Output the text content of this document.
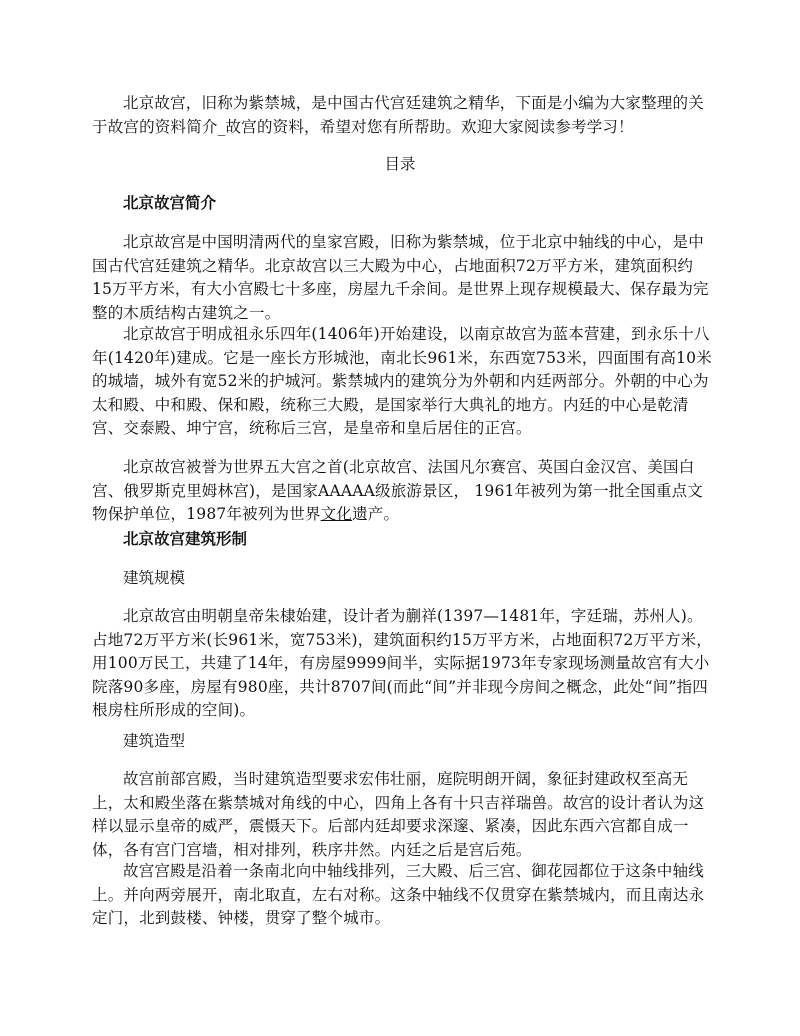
北京故宫，旧称为紫禁城，是中国古代宫廷建筑之精华，下面是小编为大家整理的关于故宫的资料简介_故宫的资料，希望对您有所帮助。欢迎大家阅读参考学习！

目录

北京故宫简介

北京故宫是中国明清两代的皇家宫殿，旧称为紫禁城，位于北京中轴线的中心，是中国古代宫廷建筑之精华。北京故宫以三大殿为中心，占地面积72万平方米，建筑面积约15万平方米，有大小宫殿七十多座，房屋九千余间。是世界上现存规模最大、保存最为完整的木质结构古建筑之一。

北京故宫于明成祖永乐四年(1406年)开始建设，以南京故宫为蓝本营建，到永乐十八年(1420年)建成。它是一座长方形城池，南北长961米，东西宽753米，四面围有高10米的城墙，城外有宽52米的护城河。紫禁城内的建筑分为外朝和内廷两部分。外朝的中心为太和殿、中和殿、保和殿，统称三大殿，是国家举行大典礼的地方。内廷的中心是乾清宫、交泰殿、坤宁宫，统称后三宫，是皇帝和皇后居住的正宫。

北京故宫被誉为世界五大宫之首(北京故宫、法国凡尔赛宫、英国白金汉宫、美国白宫、俄罗斯克里姆林宫)，是国家AAAAA级旅游景区， 1961年被列为第一批全国重点文物保护单位，1987年被列为世界文化遗产。

北京故宫建筑形制

建筑规模

北京故宫由明朝皇帝朱棣始建，设计者为蒯祥(1397—1481年，字廷瑞，苏州人)。占地72万平方米(长961米，宽753米)，建筑面积约15万平方米，占地面积72万平方米，用100万民工，共建了14年，有房屋9999间半，实际据1973年专家现场测量故宫有大小院落90多座，房屋有980座，共计8707间(而此“间”并非现今房间之概念，此处“间”指四根房柱所形成的空间)。

建筑造型

故宫前部宫殿，当时建筑造型要求宏伟壮丽，庭院明朗开阔，象征封建政权至高无上，太和殿坐落在紫禁城对角线的中心，四角上各有十只吉祥瑞兽。故宫的设计者认为这样以显示皇帝的威严，震慑天下。后部内廷却要求深邃、紧凑，因此东西六宫都自成一体，各有宫门宫墙，相对排列，秩序井然。内廷之后是宫后苑。

故宫宫殿是沿着一条南北向中轴线排列，三大殿、后三宫、御花园都位于这条中轴线上。并向两旁展开，南北取直，左右对称。这条中轴线不仅贯穿在紫禁城内，而且南达永定门，北到鼓楼、钟楼，贯穿了整个城市。
